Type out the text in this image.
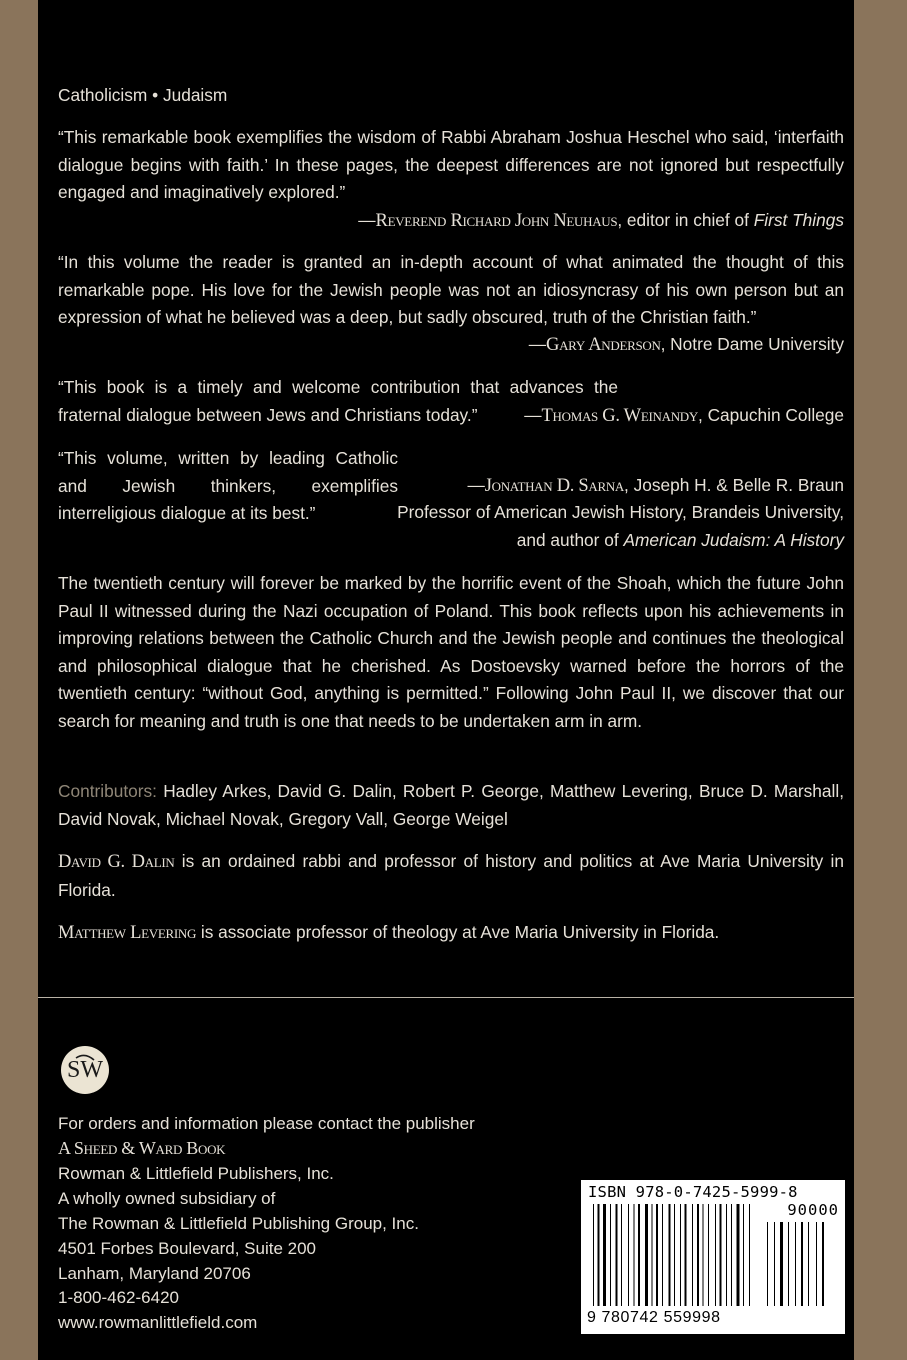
Catholicism • Judaism
“This remarkable book exemplifies the wisdom of Rabbi Abraham Joshua Heschel who said, ‘interfaith dialogue begins with faith.’ In these pages, the deepest differences are not ignored but respectfully engaged and imaginatively explored.”
—Reverend Richard John Neuhaus, editor in chief of First Things
“In this volume the reader is granted an in-depth account of what animated the thought of this remarkable pope. His love for the Jewish people was not an idiosyncrasy of his own person but an expression of what he believed was a deep, but sadly obscured, truth of the Christian faith.”
—Gary Anderson, Notre Dame University
“This book is a timely and welcome contribution that advances the fraternal dialogue between Jews and Christians today.”	—Thomas G. Weinandy, Capuchin College
“This volume, written by leading Catholic and Jewish thinkers, exemplifies interreligious dialogue at its best.”
—Jonathan D. Sarna, Joseph H. & Belle R. Braun
Professor of American Jewish History, Brandeis University,
and author of American Judaism: A History
The twentieth century will forever be marked by the horrific event of the Shoah, which the future John Paul II witnessed during the Nazi occupation of Poland. This book reflects upon his achievements in improving relations between the Catholic Church and the Jewish people and continues the theological and philosophical dialogue that he cherished. As Dostoevsky warned before the horrors of the twentieth century: “without God, anything is permitted.” Following John Paul II, we discover that our search for meaning and truth is one that needs to be undertaken arm in arm.
Contributors: Hadley Arkes, David G. Dalin, Robert P. George, Matthew Levering, Bruce D. Marshall, David Novak, Michael Novak, Gregory Vall, George Weigel
David G. Dalin is an ordained rabbi and professor of history and politics at Ave Maria University in Florida.
Matthew Levering is associate professor of theology at Ave Maria University in Florida.
SW
For orders and information please contact the publisher
A Sheed & Ward Book
Rowman & Littlefield Publishers, Inc.
A wholly owned subsidiary of
The Rowman & Littlefield Publishing Group, Inc.
4501 Forbes Boulevard, Suite 200
Lanham, Maryland 20706
1-800-462-6420
www.rowmanlittlefield.com
ISBN 978-0-7425-5999-8
90000
9 780742 559998
